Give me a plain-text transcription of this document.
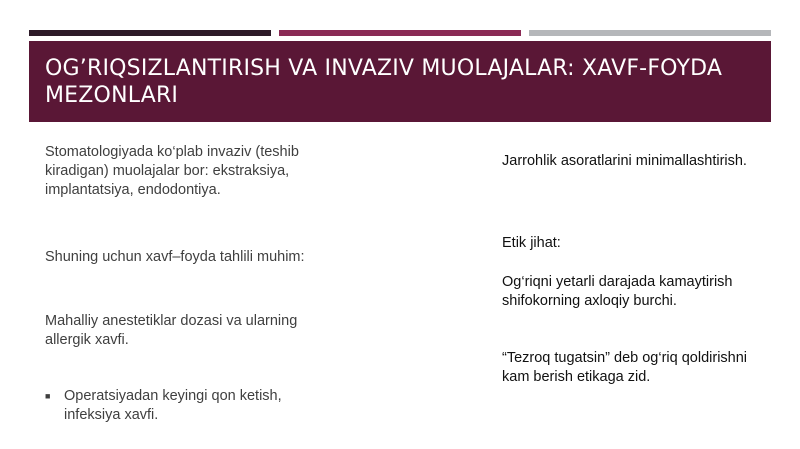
OG’RIQSIZLANTIRISH VA INVAZIV MUOLAJALAR: XAVF-FOYDA MEZONLARI

Stomatologiyada ko‘plab invaziv (teshib kiradigan) muolajalar bor: ekstraksiya, implantatsiya, endodontiya.

Shuning uchun xavf–foyda tahlili muhim:

Mahalliy anestetiklar dozasi va ularning allergik xavfi.

■ Operatsiyadan keyingi qon ketish, infeksiya xavfi.

Jarrohlik asoratlarini minimallashtirish.

Etik jihat:

Og‘riqni yetarli darajada kamaytirish shifokorning axloqiy burchi.

“Tezroq tugatsin” deb og‘riq qoldirishni kam berish etikaga zid.
